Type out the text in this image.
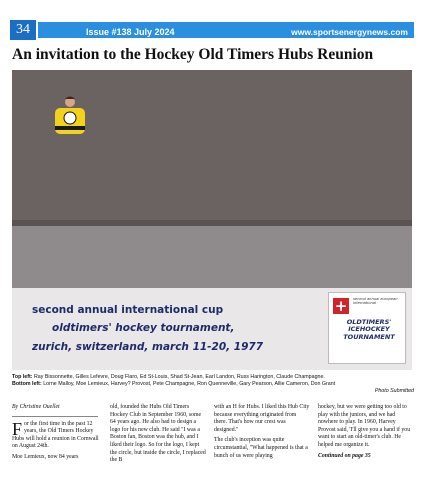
34	Issue #138 July 2024	www.sportsenergynews.com
An invitation to the Hockey Old Timers Hubs Reunion
second annual international cup
oldtimers' hockey tournament,
zurich, switzerland, march 11-20, 1977
+	second annual european international
OLDTIMERS' ICEHOCKEY TOURNAMENT
Top left: Ray Bissonnette, Gilles Lefevre, Doug Flaro, Ed St-Louis, Shad St-Jean, Earl Landon, Russ Harington, Claude Champagne.
Bottom left: Lorne Malloy, Moe Lemieux, Harvey? Provost, Pete Champagne, Ron Quenneville, Gary Pearson, Allie Cameron, Don Grant
Photo Submitted
By Christine Ouellet

For the first time in the past 12 years, the Old Timers Hockey Hubs will hold a reunion in Cornwall on August 24th.

Moe Lemieux, now 84 years

old, founded the Hubs Old Timers Hockey Club in September 1960, some 64 years ago. He also had to design a logo for his new club. He said "I was a Boston fan, Boston was the hub, and I liked their logo. So for the logo, I kept the circle, but inside the circle, I replaced the B

with an H for Hubs. I liked this Hub City because everything originated from there. That's how our crest was designed."

The club's inception was quite circumstantial, "What happened is that a bunch of us were playing

hockey, but we were getting too old to play with the juniors, and we had nowhere to play. In 1960, Harvey Provost said, 'I'll give you a hand if you want to start an old-timer's club. He helped me organize it.

Continued on page 35
